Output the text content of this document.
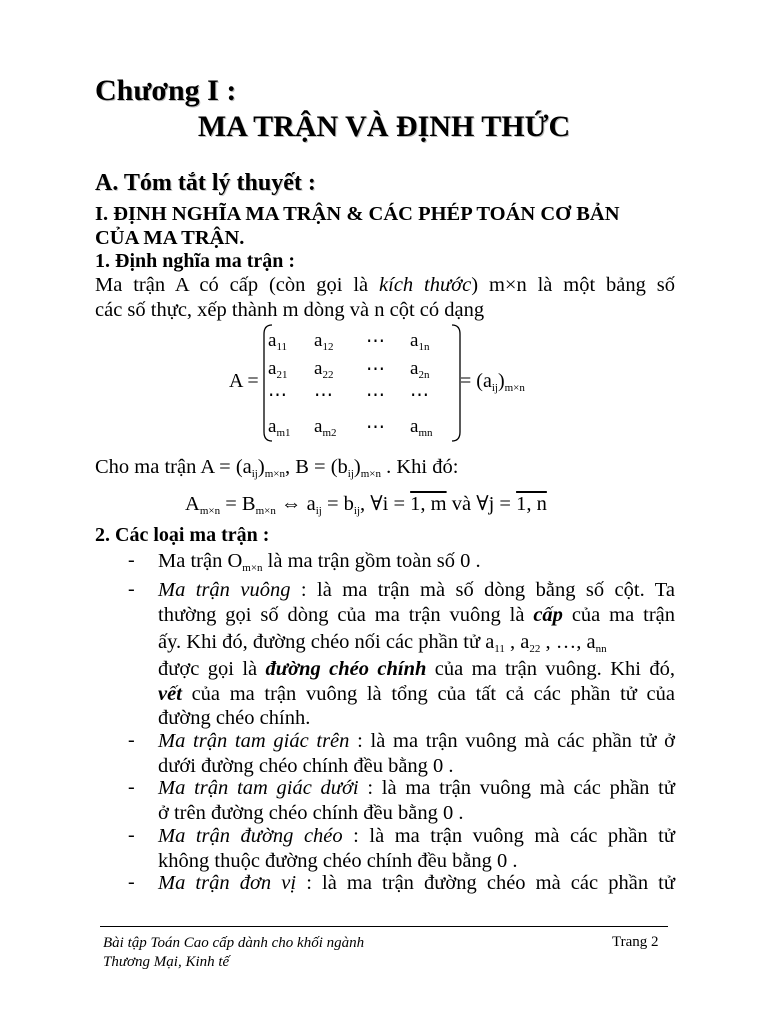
Chương I :
MA TRẬN VÀ ĐỊNH THỨC
A. Tóm tắt lý thuyết :
I. ĐỊNH NGHĨA MA TRẬN & CÁC PHÉP TOÁN CƠ BẢN
CỦA MA TRẬN.
1. Định nghĩa ma trận :
Ma trận A có cấp (còn gọi là kích thước) m×n là một bảng số
các số thực, xếp thành m dòng và n cột có dạng
A =
$a_{11}$	$a_{12}$	⋯	$a_{1n}$
$a_{21}$	$a_{22}$	⋯	$a_{2n}$
⋯	⋯	⋯	⋯
$a_{m1}$	$a_{m2}$	⋯	$a_{mn}$
= $(a_{ij})_{m\times n}$
Cho ma trận $A = (a_{ij})_{m\times n}$, $B = (b_{ij})_{m\times n}$ . Khi đó:
$A_{m\times n} = B_{m\times n}$ ⇔ $a_{ij} = b_{ij}$, ∀i = 1, m và ∀j = 1, n
2. Các loại ma trận :
- Ma trận $O_{m\times n}$ là ma trận gồm toàn số 0 .
- Ma trận vuông : là ma trận mà số dòng bằng số cột. Ta
thường gọi số dòng của ma trận vuông là cấp của ma trận
ấy. Khi đó, đường chéo nối các phần tử $a_{11}$ , $a_{22}$ , …, $a_{nn}$
được gọi là đường chéo chính của ma trận vuông. Khi đó,
vết của ma trận vuông là tổng của tất cả các phần tử của
đường chéo chính.
- Ma trận tam giác trên : là ma trận vuông mà các phần tử ở
dưới đường chéo chính đều bằng 0 .
- Ma trận tam giác dưới : là ma trận vuông mà các phần tử
ở trên đường chéo chính đều bằng 0 .
- Ma trận đường chéo : là ma trận vuông mà các phần tử
không thuộc đường chéo chính đều bằng 0 .
- Ma trận đơn vị : là ma trận đường chéo mà các phần tử
Bài tập Toán Cao cấp dành cho khối ngành
Thương Mại, Kinh tế
Trang 2
